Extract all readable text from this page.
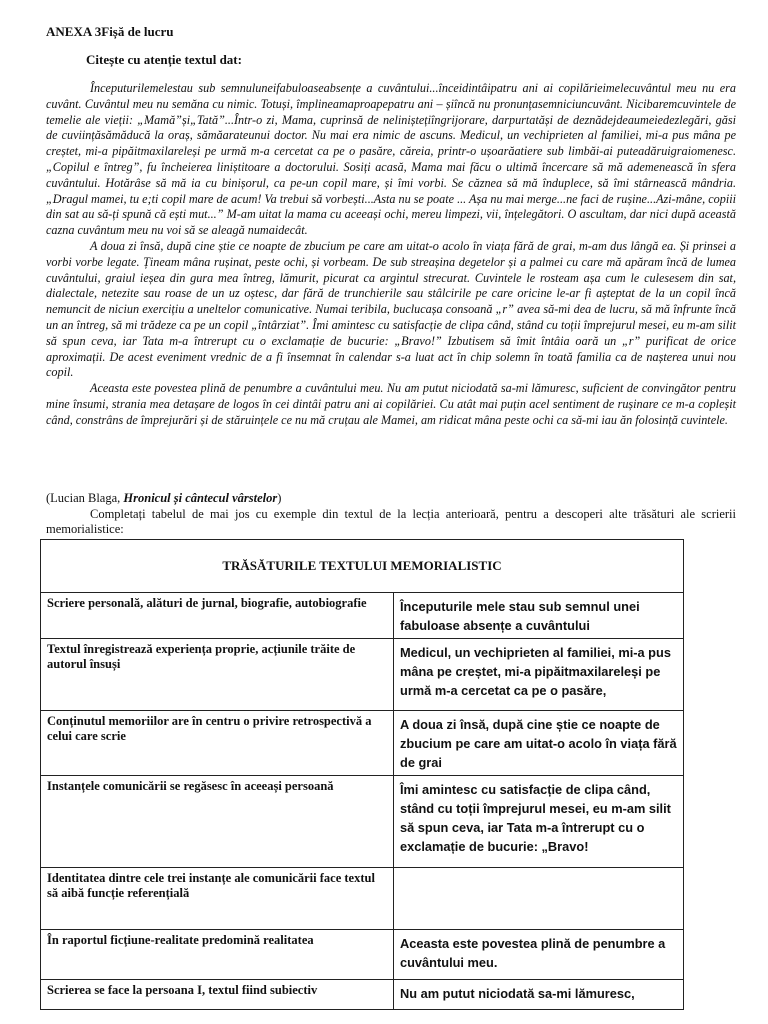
ANEXA 3Fișă de lucru
Citește cu atenție textul dat:

Începuturilemelestau sub semnuluneifabuloaseabsențe a cuvântului...înceidintâipatru ani ai copilărieimelecuvântul meu nu era cuvânt. Cuvântul meu nu semăna cu nimic. Totuși, împlineamaproapepatru ani – șiîncă nu pronunțasemniciuncuvânt. Nicibaremcuvintele de temelie ale vieții: „Mamă”și„Tată”...Într-o zi, Mama, cuprinsă de neliniștețiîngrijorare, darpurtatăși de deznădejdeaumeiedezlegări, găsi de cuviințăsămăducă la oraș, sămăarateunui doctor. Nu mai era nimic de ascuns. Medicul, un vechiprieten al familiei, mi-a pus mâna pe creștet, mi-a pipăitmaxilareleși pe urmă m-a cercetat ca pe o pasăre, căreia, printr-o ușoarăatiere sub limbăi-ai puteadăruigraiomenesc. „Copilul e întreg”, fu încheierea liniștitoare a doctorului. Sosiți acasă, Mama mai făcu o ultimă încercare să mă ademenească în sfera cuvântului. Hotărâse să mă ia cu binișorul, ca pe-un copil mare, și îmi vorbi. Se căznea să mă înduplece, să îmi stârnească mândria. „Dragul mamei, tu e;ti copil mare de acum! Va trebui să vorbești...Asta nu se poate ... Așa nu mai merge...ne faci de rușine...Azi-mâne, copiii din sat au să-ți spună că ești mut...” M-am uitat la mama cu aceeași ochi, mereu limpezi, vii, înțelegători. O ascultam, dar nici după această cazna cuvântum meu nu voi să se aleagă numaidecât.

A doua zi însă, după cine știe ce noapte de zbucium pe care am uitat-o acolo în viața fără de grai, m-am dus lângă ea. Și prinsei a vorbi vorbe legate. Țineam mâna rușinat, peste ochi, și vorbeam. De sub streașina degetelor și a palmei cu care mă apăram încă de lumea cuvântului, graiul ieșea din gura mea întreg, lămurit, picurat ca argintul strecurat. Cuvintele le rosteam așa cum le culesesem din sat, dialectale, netezite sau roase de un uz oștesc, dar fără de trunchierile sau stâlcirile pe care oricine le-ar fi așteptat de la un copil încă nemuncit de niciun exercițiu a uneltelor comunicative. Numai teribila, buclucașa consoană „r” avea să-mi dea de lucru, să mă înfrunte încă un an întreg, să mi trădeze ca pe un copil „întârziat”. Îmi amintesc cu satisfacție de clipa când, stând cu toții împrejurul mesei, eu m-am silit să spun ceva, iar Tata m-a întrerupt cu o exclamație de bucurie: „Bravo!” Izbutisem să îmit întâia oară un „r” purificat de orice aproximații. De acest eveniment vrednic de a fi însemnat în calendar s-a luat act în chip solemn în toată familia ca de nașterea unui nou copil.

Aceasta este povestea plină de penumbre a cuvântului meu. Nu am putut niciodată sa-mi lămuresc, suficient de convingător pentru mine însumi, strania mea detașare de logos în cei dintâi patru ani ai copilăriei. Cu atât mai puțin acel sentiment de rușinare ce m-a copleșit când, constrâns de împrejurări și de stăruințele ce nu mă cruțau ale Mamei, am ridicat mâna peste ochi ca să-mi iau ăn folosință cuvintele.

(Lucian Blaga, Hronicul și cântecul vârstelor)
Completați tabelul de mai jos cu exemple din textul de la lecția anterioară, pentru a descoperi alte trăsături ale scrierii memorialistice:
TRĂSĂTURILE TEXTULUI MEMORIALISTIC	
Scriere personală, alături de jurnal, biografie, autobiografie	Începuturile mele stau sub semnul unei fabuloase absențe a cuvântului
Textul înregistrează experiența proprie, acțiunile trăite de autorul însuși	Medicul, un vechiprieten al familiei, mi-a pus mâna pe creștet, mi-a pipăitmaxilareleși pe urmă m-a cercetat ca pe o pasăre,
Conținutul memoriilor are în centru o privire retrospectivă a celui care scrie	A doua zi însă, după cine știe ce noapte de zbucium pe care am uitat-o acolo în viața fără de grai
Instanțele comunicării se regăsesc în aceeași persoană	Îmi amintesc cu satisfacție de clipa când, stând cu toții împrejurul mesei, eu m-am silit să spun ceva, iar Tata m-a întrerupt cu o exclamație de bucurie: „Bravo!
Identitatea dintre cele trei instanțe ale comunicării face textul să aibă funcție referențială	
În raportul ficțiune-realitate predomină realitatea	Aceasta este povestea plină de penumbre a cuvântului meu.
Scrierea se face la persoana I, textul fiind subiectiv	Nu am putut niciodată sa-mi lămuresc,
